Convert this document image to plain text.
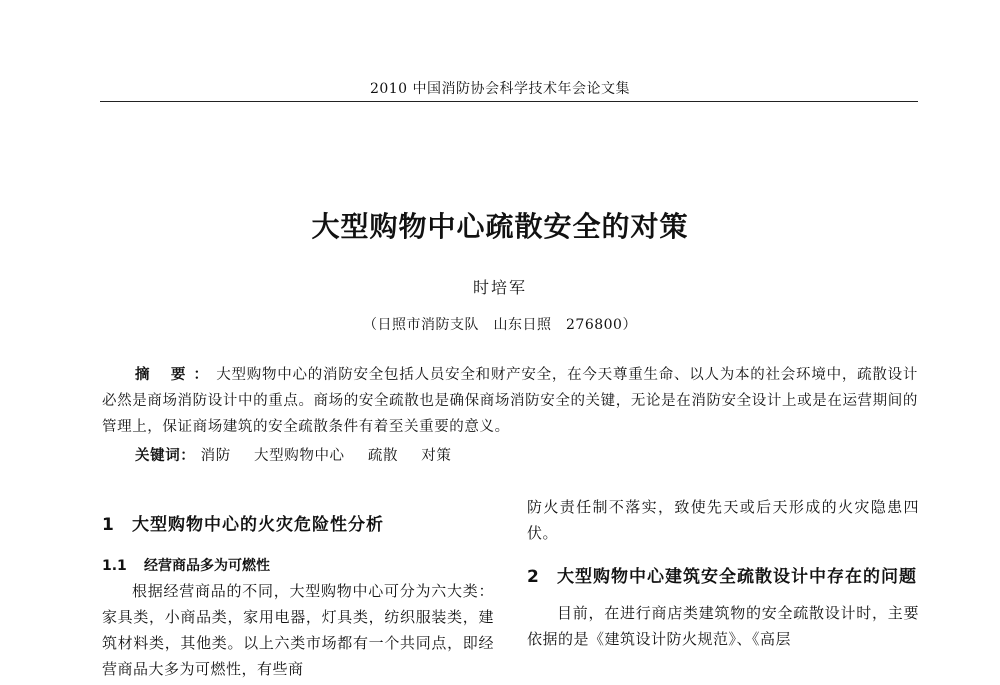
2010 中国消防协会科学技术年会论文集
大型购物中心疏散安全的对策
时培军
（日照市消防支队　山东日照　276800）
摘 要：大型购物中心的消防安全包括人员安全和财产安全，在今天尊重生命、以人为本的社会环境中，疏散设计必然是商场消防设计中的重点。商场的安全疏散也是确保商场消防安全的关键，无论是在消防安全设计上或是在运营期间的管理上，保证商场建筑的安全疏散条件有着至关重要的意义。
关键词： 消防 大型购物中心 疏散 对策
1 大型购物中心的火灾危险性分析
1.1 经营商品多为可燃性
根据经营商品的不同，大型购物中心可分为六大类：家具类，小商品类，家用电器，灯具类，纺织服装类，建筑材料类，其他类。以上六类市场都有一个共同点，即经营商品大多为可燃性，有些商
防火责任制不落实，致使先天或后天形成的火灾隐患四伏。
2 大型购物中心建筑安全疏散设计中存在的问题
目前，在进行商店类建筑物的安全疏散设计时，主要依据的是《建筑设计防火规范》、《高层
